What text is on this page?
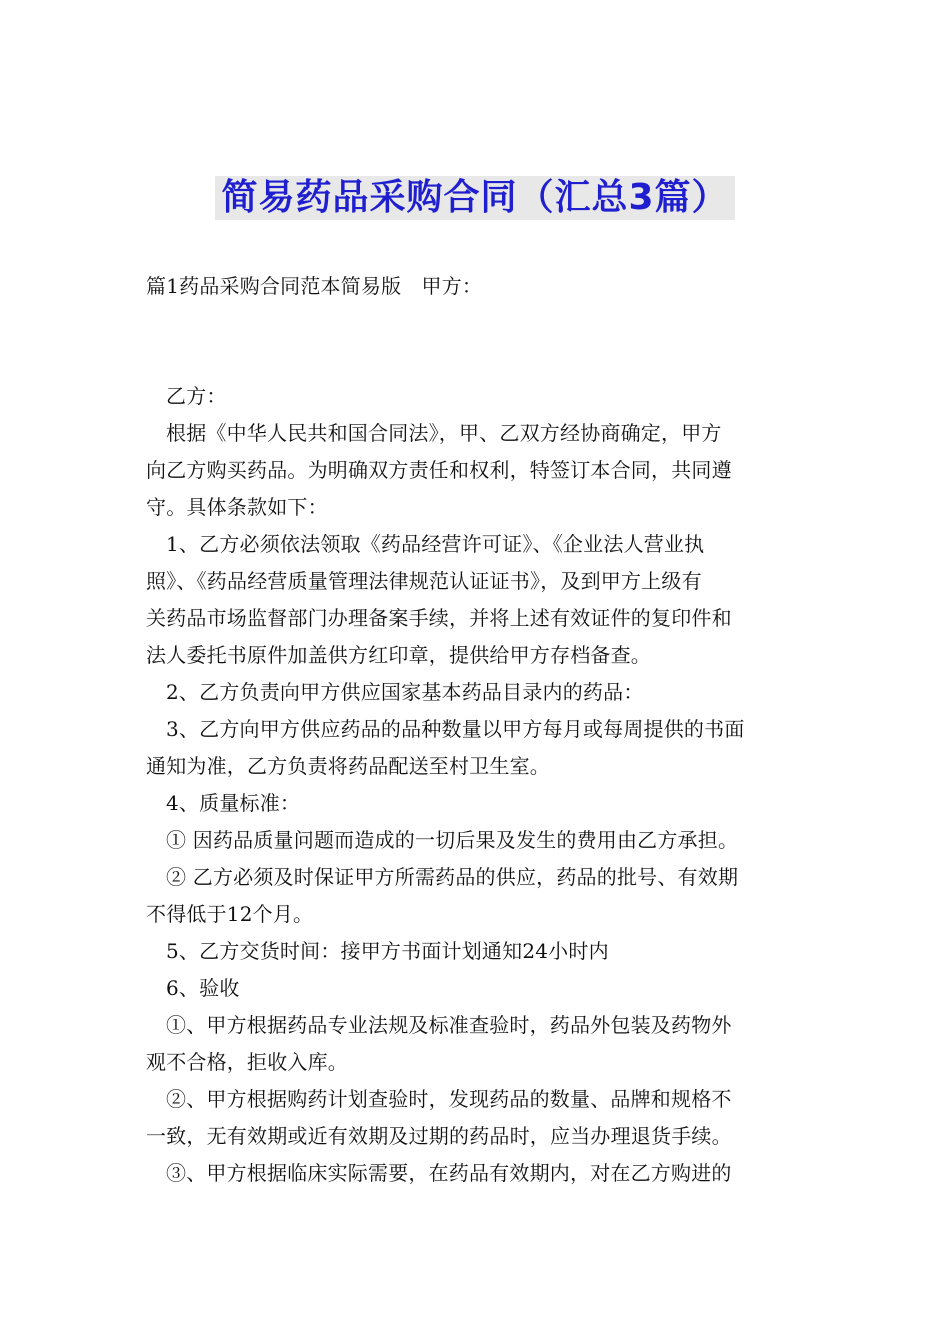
简易药品采购合同（汇总3篇）
篇1药品采购合同范本简易版　甲方：
乙方：
根据《中华人民共和国合同法》，甲、乙双方经协商确定，甲方
向乙方购买药品。为明确双方责任和权利，特签订本合同，共同遵
守。具体条款如下：
1、乙方必须依法领取《药品经营许可证》、《企业法人营业执
照》、《药品经营质量管理法律规范认证证书》，及到甲方上级有
关药品市场监督部门办理备案手续，并将上述有效证件的复印件和
法人委托书原件加盖供方红印章，提供给甲方存档备查。
2、乙方负责向甲方供应国家基本药品目录内的药品：
3、乙方向甲方供应药品的品种数量以甲方每月或每周提供的书面
通知为准，乙方负责将药品配送至村卫生室。
4、质量标准：
① 因药品质量问题而造成的一切后果及发生的费用由乙方承担。
② 乙方必须及时保证甲方所需药品的供应，药品的批号、有效期
不得低于12个月。
5、乙方交货时间：接甲方书面计划通知24小时内
6、验收
①、甲方根据药品专业法规及标准查验时，药品外包装及药物外
观不合格，拒收入库。
②、甲方根据购药计划查验时，发现药品的数量、品牌和规格不
一致，无有效期或近有效期及过期的药品时，应当办理退货手续。
③、甲方根据临床实际需要，在药品有效期内，对在乙方购进的
